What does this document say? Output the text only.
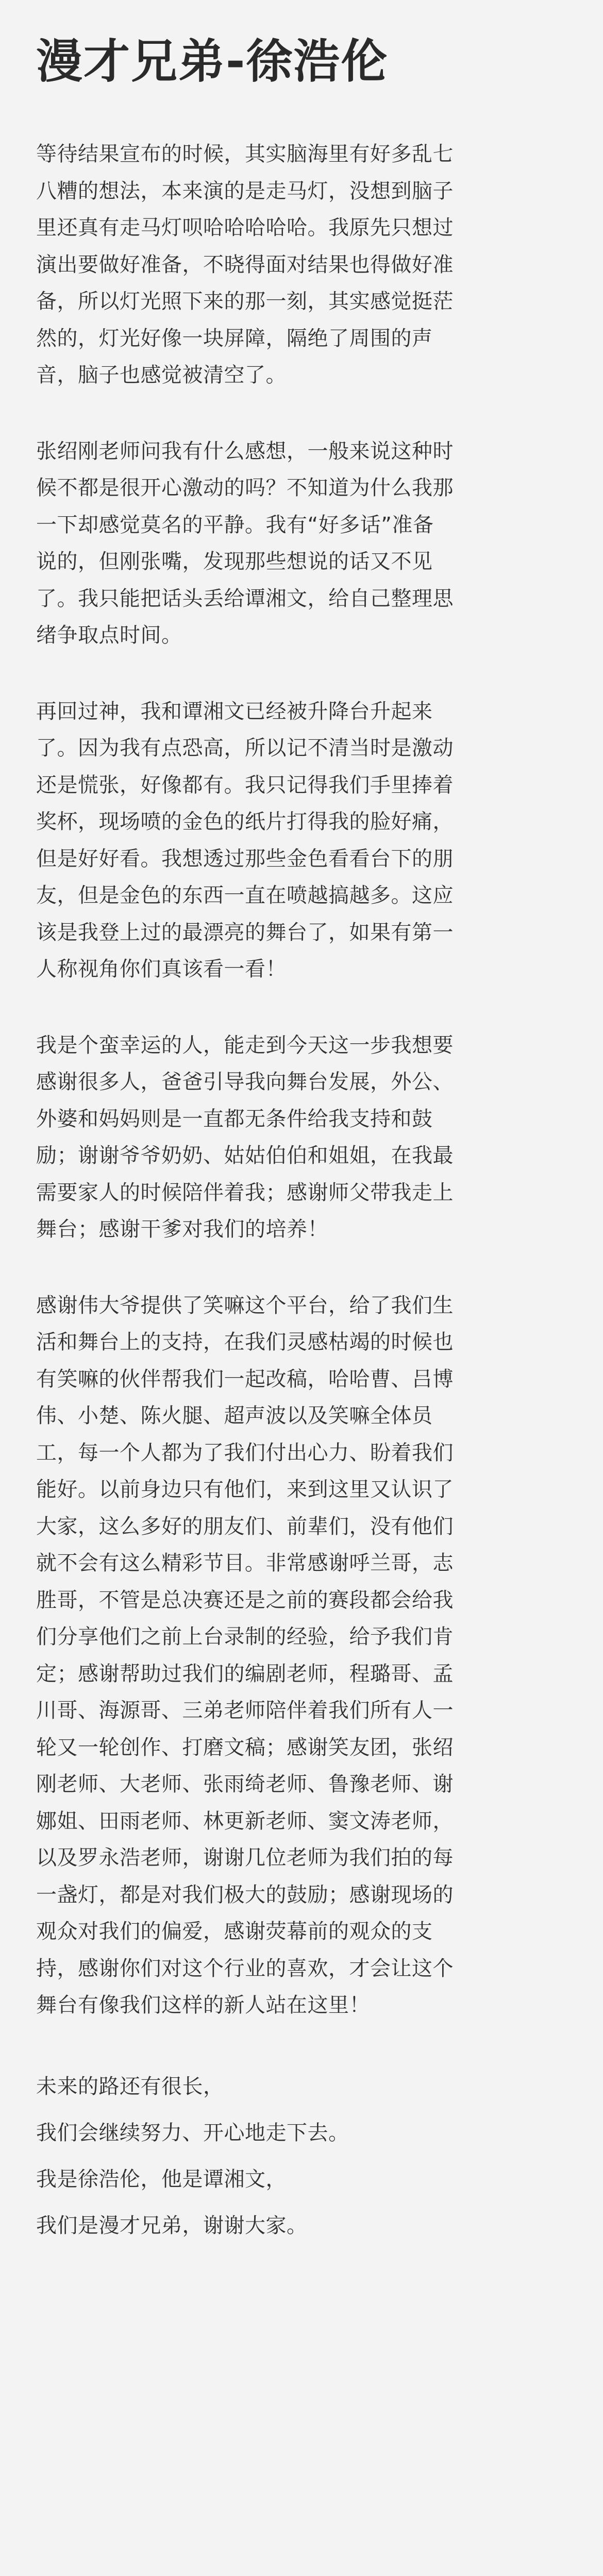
漫才兄弟-徐浩伦
等待结果宣布的时候，其实脑海里有好多乱七
八糟的想法，本来演的是走马灯，没想到脑子
里还真有走马灯呗哈哈哈哈哈。我原先只想过
演出要做好准备，不晓得面对结果也得做好准
备，所以灯光照下来的那一刻，其实感觉挺茫
然的，灯光好像一块屏障，隔绝了周围的声
音，脑子也感觉被清空了。
张绍刚老师问我有什么感想，一般来说这种时
候不都是很开心激动的吗？不知道为什么我那
一下却感觉莫名的平静。我有“好多话”准备
说的，但刚张嘴，发现那些想说的话又不见
了。我只能把话头丢给谭湘文，给自己整理思
绪争取点时间。
再回过神，我和谭湘文已经被升降台升起来
了。因为我有点恐高，所以记不清当时是激动
还是慌张，好像都有。我只记得我们手里捧着
奖杯，现场喷的金色的纸片打得我的脸好痛，
但是好好看。我想透过那些金色看看台下的朋
友，但是金色的东西一直在喷越搞越多。这应
该是我登上过的最漂亮的舞台了，如果有第一
人称视角你们真该看一看！
我是个蛮幸运的人，能走到今天这一步我想要
感谢很多人，爸爸引导我向舞台发展，外公、
外婆和妈妈则是一直都无条件给我支持和鼓
励；谢谢爷爷奶奶、姑姑伯伯和姐姐，在我最
需要家人的时候陪伴着我；感谢师父带我走上
舞台；感谢干爹对我们的培养！
感谢伟大爷提供了笑嘛这个平台，给了我们生
活和舞台上的支持，在我们灵感枯竭的时候也
有笑嘛的伙伴帮我们一起改稿，哈哈曹、吕博
伟、小楚、陈火腿、超声波以及笑嘛全体员
工，每一个人都为了我们付出心力、盼着我们
能好。以前身边只有他们，来到这里又认识了
大家，这么多好的朋友们、前辈们，没有他们
就不会有这么精彩节目。非常感谢呼兰哥，志
胜哥，不管是总决赛还是之前的赛段都会给我
们分享他们之前上台录制的经验，给予我们肯
定；感谢帮助过我们的编剧老师，程璐哥、孟
川哥、海源哥、三弟老师陪伴着我们所有人一
轮又一轮创作、打磨文稿；感谢笑友团，张绍
刚老师、大老师、张雨绮老师、鲁豫老师、谢
娜姐、田雨老师、林更新老师、窦文涛老师，
以及罗永浩老师，谢谢几位老师为我们拍的每
一盏灯，都是对我们极大的鼓励；感谢现场的
观众对我们的偏爱，感谢荧幕前的观众的支
持，感谢你们对这个行业的喜欢，才会让这个
舞台有像我们这样的新人站在这里！
未来的路还有很长，
我们会继续努力、开心地走下去。
我是徐浩伦，他是谭湘文，
我们是漫才兄弟，谢谢大家。
